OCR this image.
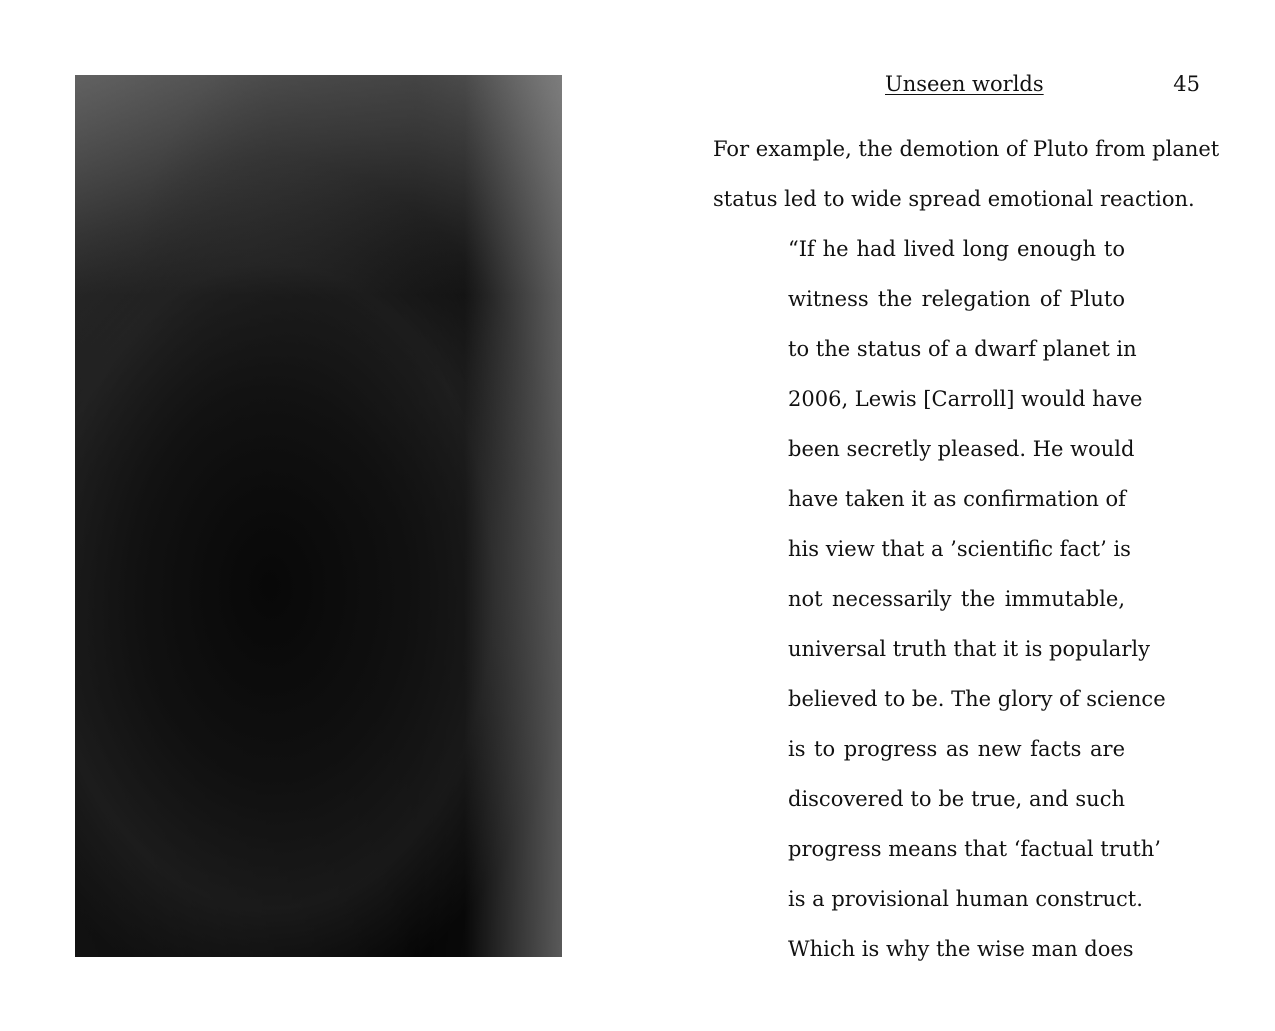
Unseen worlds	45
For example, the demotion of Pluto from planet
status led to wide spread emotional reaction.
“If he had lived long enough to
witness the relegation of Pluto
to the status of a dwarf planet in
2006, Lewis [Carroll] would have
been secretly pleased. He would
have taken it as confirmation of
his view that a ’scientific fact’ is
not necessarily the immutable,
universal truth that it is popularly
believed to be. The glory of science
is to progress as new facts are
discovered to be true, and such
progress means that ‘factual truth’
is a provisional human construct.
Which is why the wise man does
